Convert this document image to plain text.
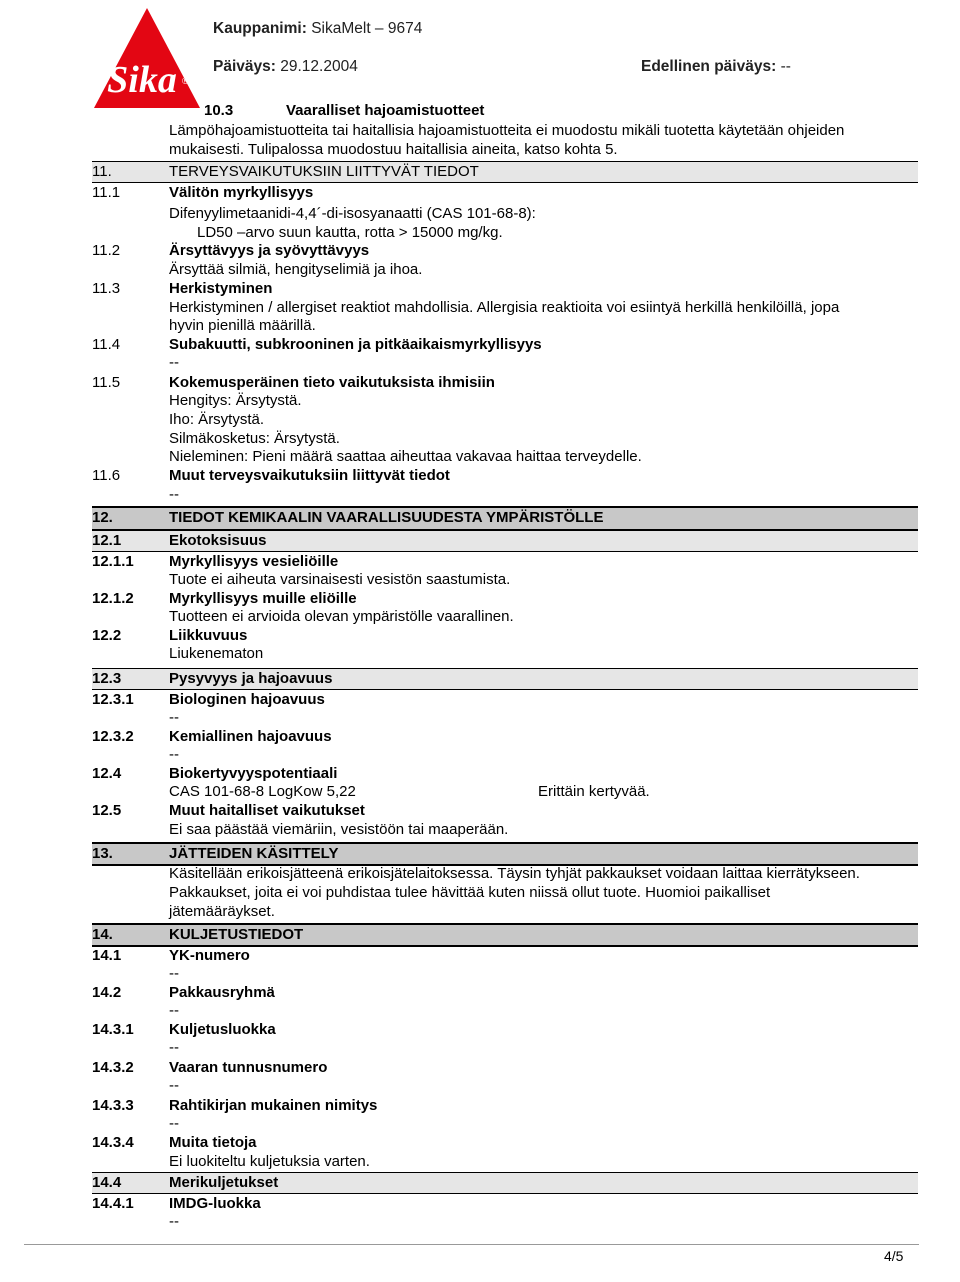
Sika ®
Kauppanimi: SikaMelt – 9674
Päiväys: 29.12.2004	Edellinen päiväys: --
10.3	Vaaralliset hajoamistuotteet
Lämpöhajoamistuotteita tai haitallisia hajoamistuotteita ei muodostu mikäli tuotetta käytetään ohjeiden mukaisesti. Tulipalossa muodostuu haitallisia aineita, katso kohta 5.
11.	TERVEYSVAIKUTUKSIIN LIITTYVÄT TIEDOT
11.1	Välitön myrkyllisyys
Difenyylimetaanidi-4,4´-di-isosyanaatti (CAS 101-68-8):
LD50 –arvo suun kautta, rotta > 15000 mg/kg.
11.2	Ärsyttävyys ja syövyttävyys
Ärsyttää silmiä, hengityselimiä ja ihoa.
11.3	Herkistyminen
Herkistyminen / allergiset reaktiot mahdollisia. Allergisia reaktioita voi esiintyä herkillä henkilöillä, jopa
hyvin pienillä määrillä.
11.4	Subakuutti, subkrooninen ja pitkäaikaismyrkyllisyys
--
11.5	Kokemusperäinen tieto vaikutuksista ihmisiin
Hengitys: Ärsytystä.
Iho: Ärsytystä.
Silmäkosketus: Ärsytystä.
Nieleminen: Pieni määrä saattaa aiheuttaa vakavaa haittaa terveydelle.
11.6	Muut terveysvaikutuksiin liittyvät tiedot
--
12.	TIEDOT KEMIKAALIN VAARALLISUUDESTA YMPÄRISTÖLLE
12.1	Ekotoksisuus
12.1.1 Myrkyllisyys vesieliöille
Tuote ei aiheuta varsinaisesti vesistön saastumista.
12.1.2 Myrkyllisyys muille eliöille
Tuotteen ei arvioida olevan ympäristölle vaarallinen.
12.2	Liikkuvuus
Liukenematon
12.3	Pysyvyys ja hajoavuus
12.3.1 Biologinen hajoavuus
--
12.3.2 Kemiallinen hajoavuus
--
12.4	Biokertyvyyspotentiaali
CAS 101-68-8 LogKow 5,22	Erittäin kertyvää.
12.5	Muut haitalliset vaikutukset
Ei saa päästää viemäriin, vesistöön tai maaperään.
13.	JÄTTEIDEN KÄSITTELY
Käsitellään erikoisjätteenä erikoisjätelaitoksessa. Täysin tyhjät pakkaukset voidaan laittaa kierrätykseen.
Pakkaukset, joita ei voi puhdistaa tulee hävittää kuten niissä ollut tuote. Huomioi paikalliset
jätemääräykset.
14.	KULJETUSTIEDOT
14.1	YK-numero
--
14.2	Pakkausryhmä
--
14.3.1 Kuljetusluokka
--
14.3.2 Vaaran tunnusnumero
--
14.3.3 Rahtikirjan mukainen nimitys
--
14.3.4 Muita tietoja
Ei luokiteltu kuljetuksia varten.
14.4	Merikuljetukset
14.4.1 IMDG-luokka
--
4/5
